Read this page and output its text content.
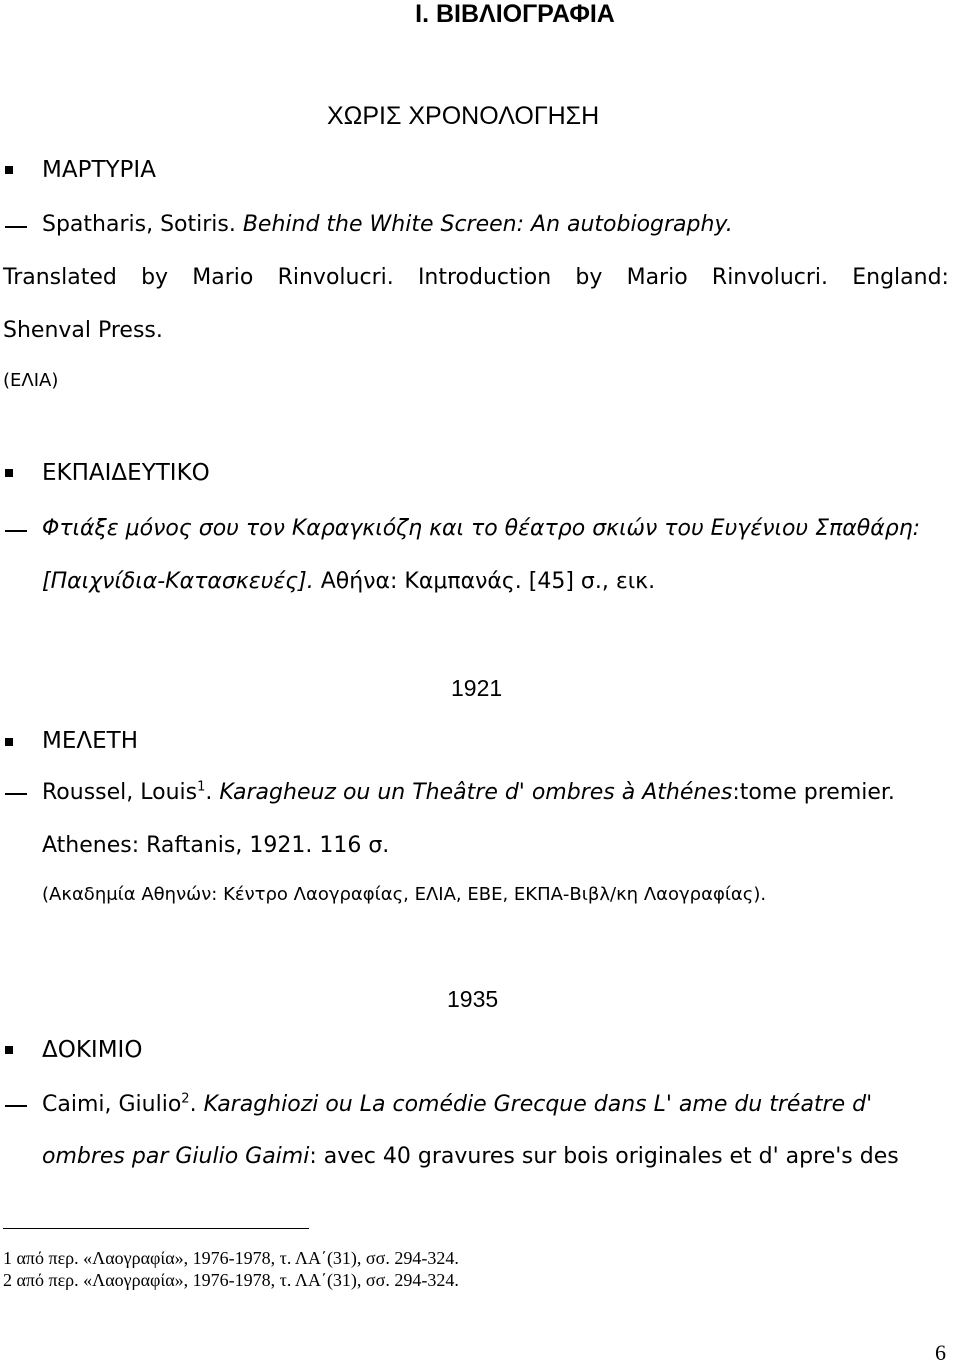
I. ΒΙΒΛΙΟΓΡΑΦΙΑ
ΧΩΡΙΣ ΧΡΟΝΟΛΟΓΗΣΗ
ΜΑΡΤΥΡΙΑ
Spatharis, Sotiris. Behind the White Screen: An autobiography.
Translated by Mario Rinvolucri. Introduction by Mario Rinvolucri. England:
Shenval Press.
(ΕΛΙΑ)
ΕΚΠΑΙΔΕΥΤΙΚΟ
Φτιάξε μόνος σου τον Καραγκιόζη και το θέατρο σκιών του Ευγένιου Σπαθάρη:
[Παιχνίδια-Κατασκευές]. Αθήνα: Καμπανάς. [45] σ., εικ.
1921
ΜΕΛΕΤΗ
Roussel, Louis$^1$. Karagheuz ou un Theâtre d' ombres à Athénes:tome premier.
Athenes: Raftanis, 1921. 116 σ.
(Ακαδημία Αθηνών: Κέντρο Λαογραφίας, ΕΛΙΑ, ΕΒΕ, ΕΚΠΑ-Βιβλ/κη Λαογραφίας).
1935
ΔΟΚΙΜΙΟ
Caimi, Giulio$^2$. Karaghiozi ou La comédie Grecque dans L' ame du tréatre d'
ombres par Giulio Gaimi: avec 40 gravures sur bois originales et d' apre's des
1 από περ. «Λαογραφία», 1976-1978, τ. ΛΑ΄(31), σσ. 294-324.
2 από περ. «Λαογραφία», 1976-1978, τ. ΛΑ΄(31), σσ. 294-324.
6
